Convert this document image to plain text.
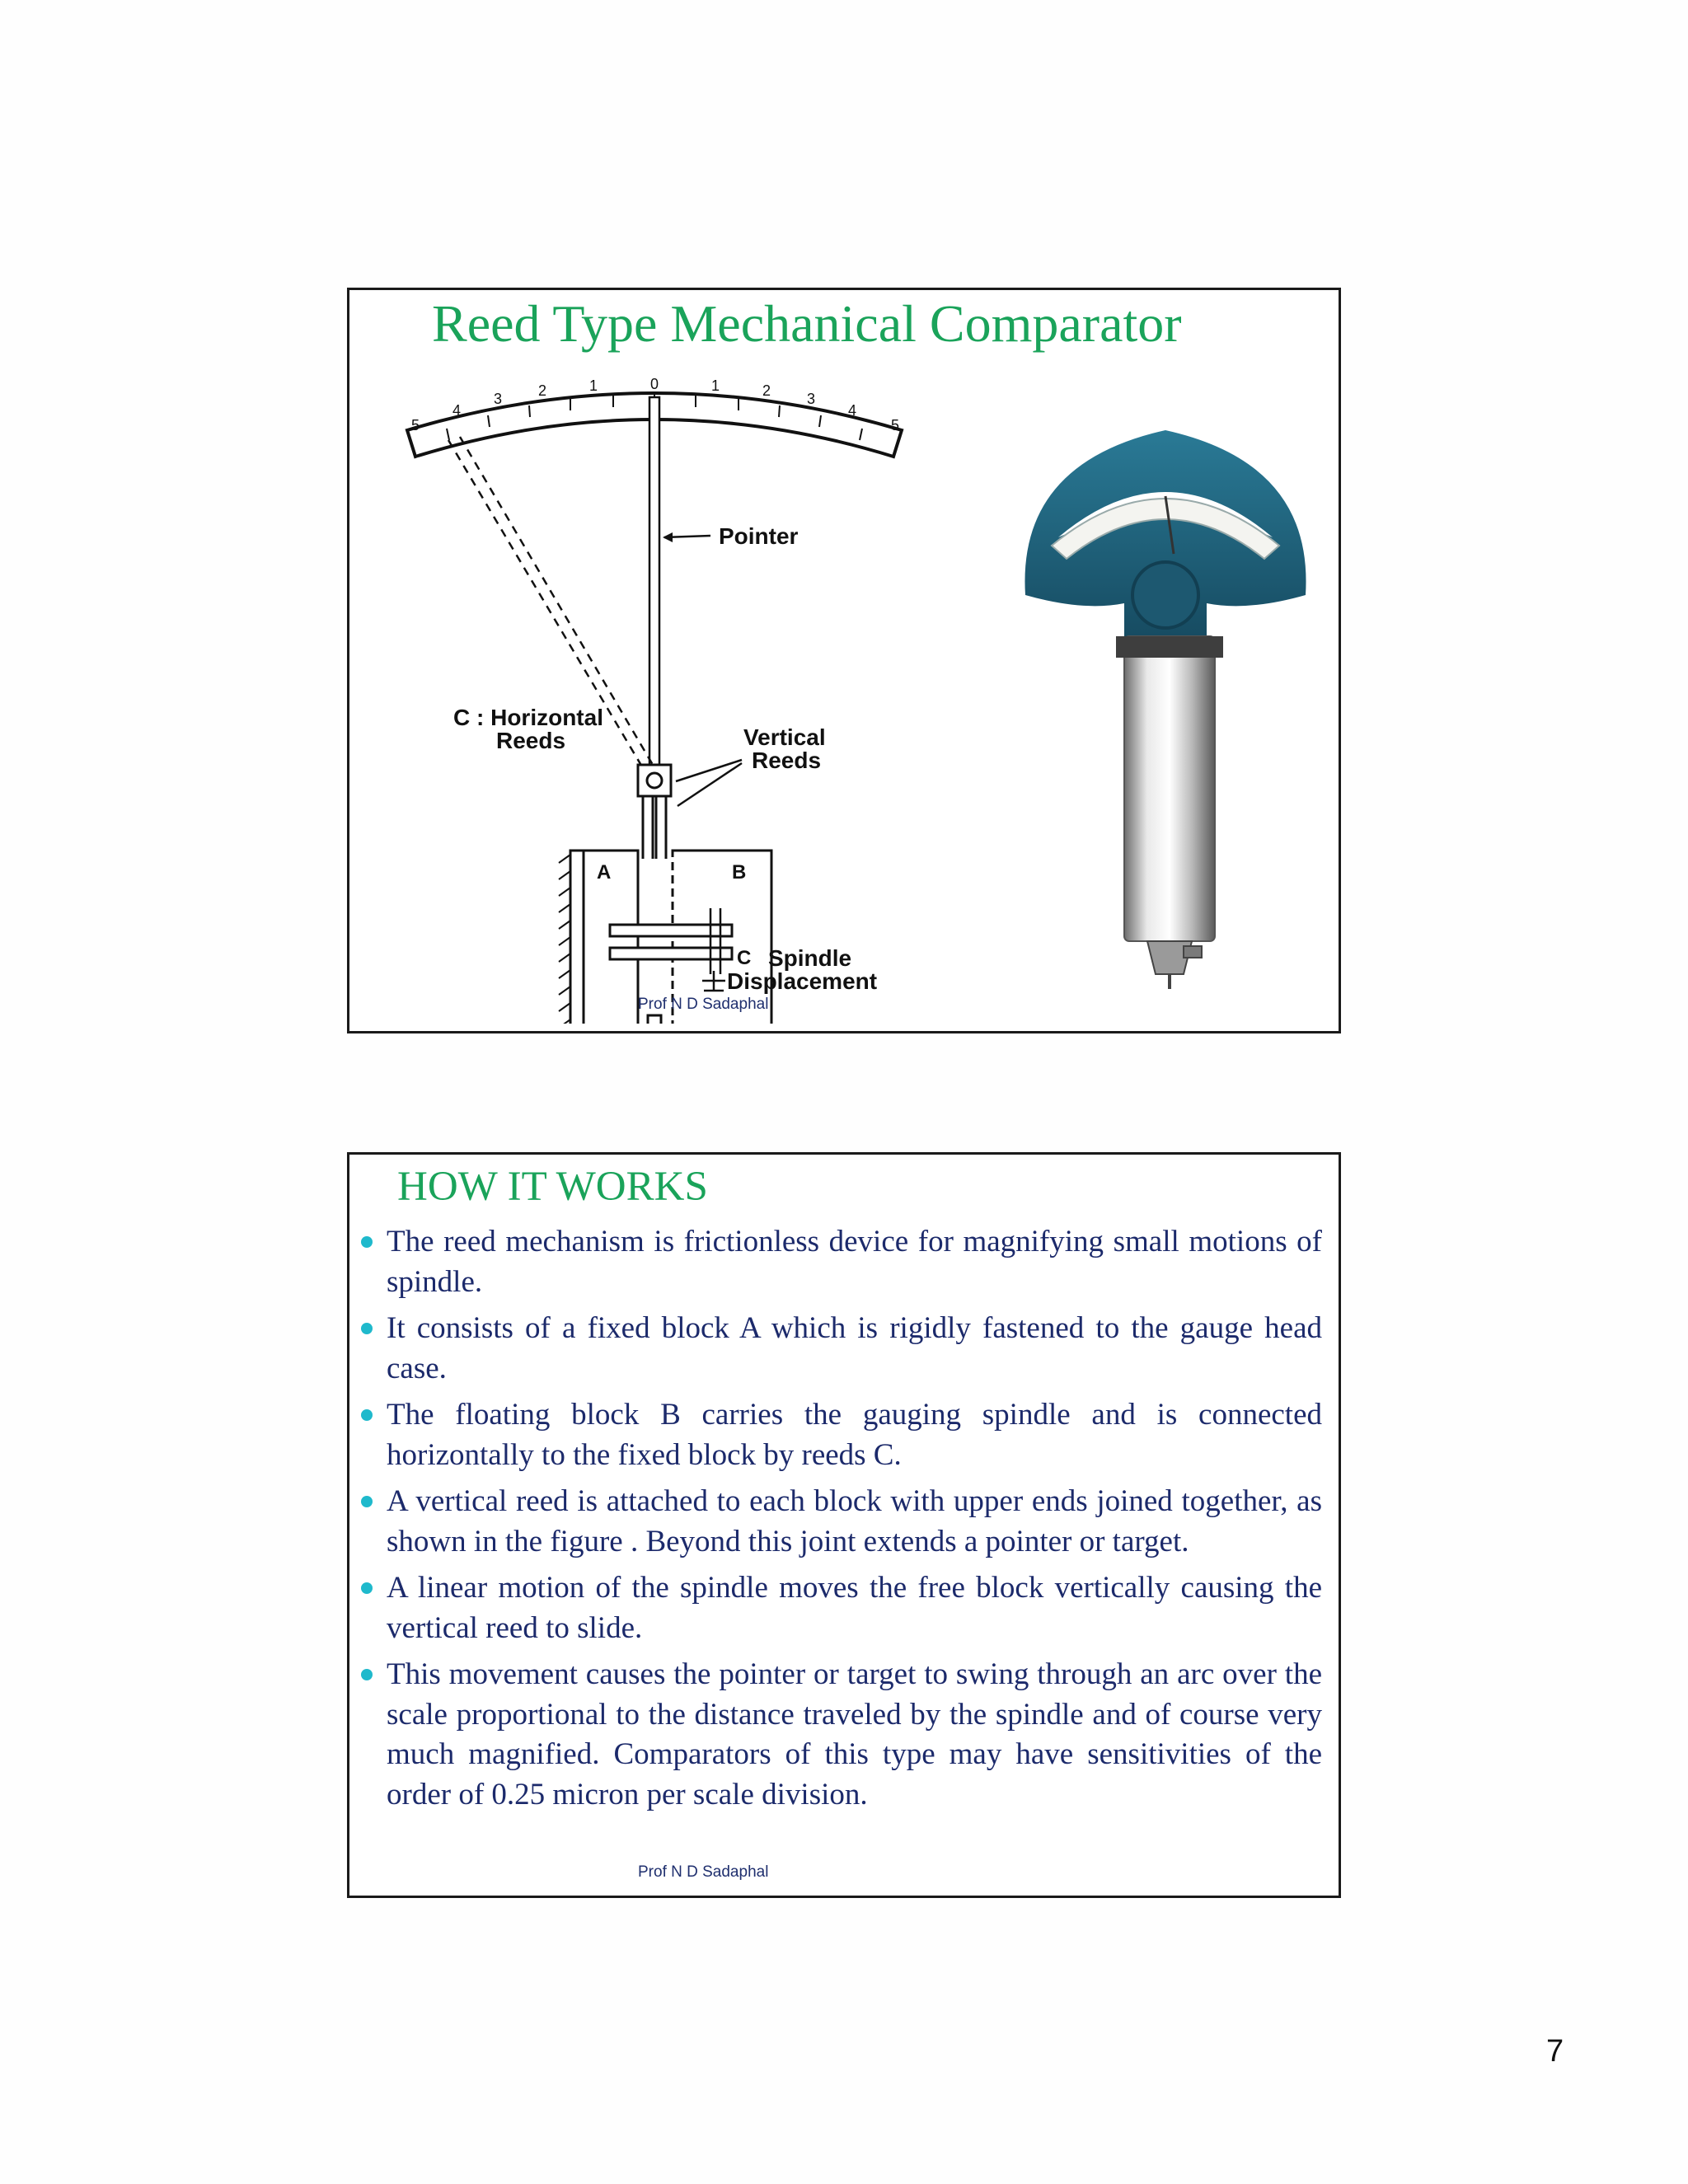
Reed Type Mechanical Comparator
5
4
3 2	1	0	1	2 3
4
5
Pointer
C : Horizontal
Reeds	Vertical
Reeds
A	B
C Spindle
Displacement
Prof N D Sadaphal
HOW IT WORKS
The reed mechanism is frictionless device for magnifying small motions of spindle.
It consists of a fixed block A which is rigidly fastened to the gauge head case.
The floating block B carries the gauging spindle and is connected horizontally to the fixed block by reeds C.
A vertical reed is attached to each block with upper ends joined together, as shown in the figure . Beyond this joint extends a pointer or target.
A linear motion of the spindle moves the free block vertically causing the vertical reed to slide.
This movement causes the pointer or target to swing through an arc over the scale proportional to the distance traveled by the spindle and of course very much magnified. Comparators of this type may have sensitivities of the order of 0.25 micron per scale division.
Prof N D Sadaphal
7
